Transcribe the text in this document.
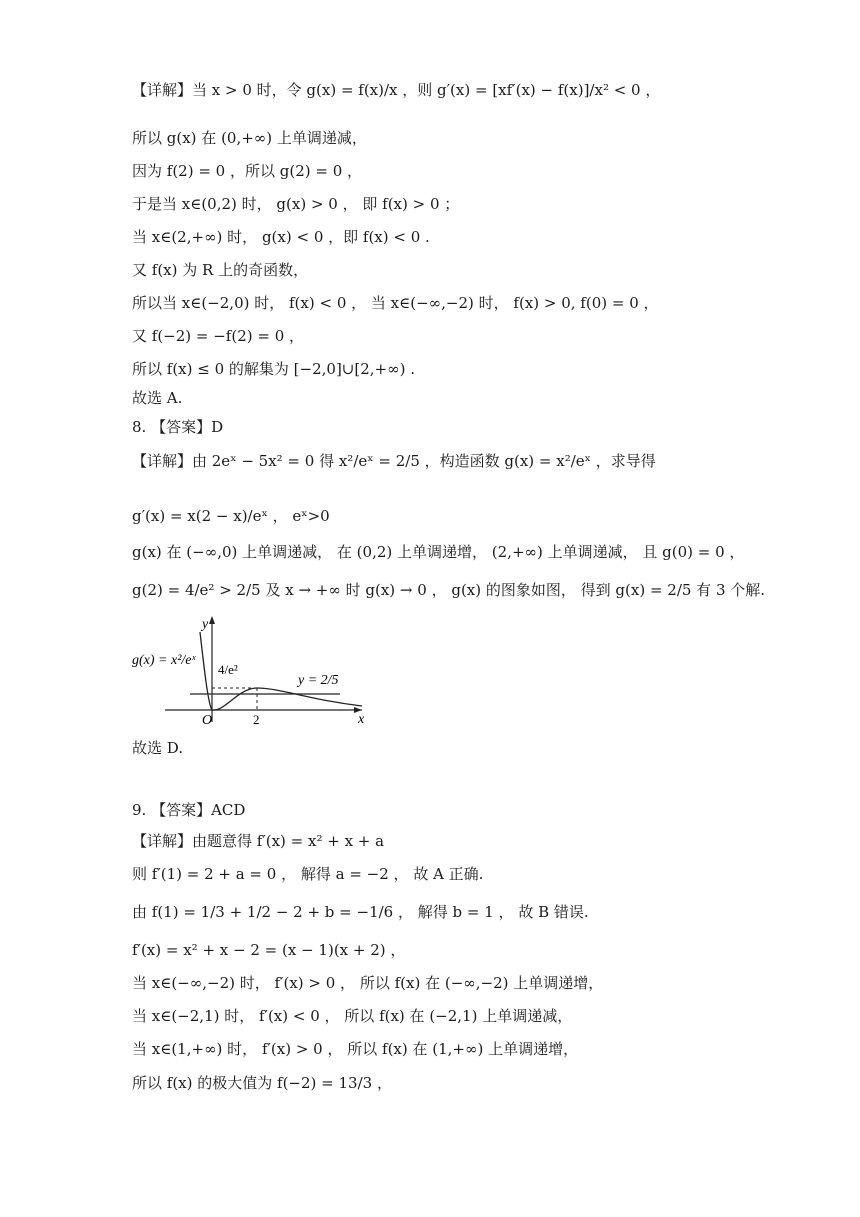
【详解】当 x > 0 时，令 g(x) = f(x)/x ，则 g′(x) = [xf′(x) − f(x)]/x² < 0 ，
所以 g(x) 在 (0,+∞) 上单调递减，
因为 f(2) = 0 ，所以 g(2) = 0 ，
于是当 x∈(0,2) 时， g(x) > 0 ， 即 f(x) > 0 ；
当 x∈(2,+∞) 时， g(x) < 0 ，即 f(x) < 0 .
又 f(x) 为 R 上的奇函数，
所以当 x∈(−2,0) 时， f(x) < 0 ， 当 x∈(−∞,−2) 时， f(x) > 0, f(0) = 0 ，
又 f(−2) = −f(2) = 0 ，
所以 f(x) ≤ 0 的解集为 [−2,0]∪[2,+∞) .
故选 A.
8. 【答案】D
【详解】由 2eˣ − 5x² = 0 得 x²/eˣ = 2/5 ，构造函数 g(x) = x²/eˣ ，求导得
g′(x) = x(2 − x)/eˣ ， eˣ>0
g(x) 在 (−∞,0) 上单调递减， 在 (0,2) 上单调递增， (2,+∞) 上单调递减， 且 g(0) = 0 ，
g(2) = 4/e² > 2/5 及 x → +∞ 时 g(x) → 0 ， g(x) 的图象如图， 得到 g(x) = 2/5 有 3 个解.
g(x) = x²/eˣ
4/e²
y = 2/5
x
y
O	2
故选 D.
9. 【答案】ACD
【详解】由题意得 f′(x) = x² + x + a
则 f′(1) = 2 + a = 0 ， 解得 a = −2 ， 故 A 正确.
由 f(1) = 1/3 + 1/2 − 2 + b = −1/6 ， 解得 b = 1 ， 故 B 错误.
f′(x) = x² + x − 2 = (x − 1)(x + 2) ，
当 x∈(−∞,−2) 时， f′(x) > 0 ， 所以 f(x) 在 (−∞,−2) 上单调递增，
当 x∈(−2,1) 时， f′(x) < 0 ， 所以 f(x) 在 (−2,1) 上单调递减，
当 x∈(1,+∞) 时， f′(x) > 0 ， 所以 f(x) 在 (1,+∞) 上单调递增，
所以 f(x) 的极大值为 f(−2) = 13/3 ，
